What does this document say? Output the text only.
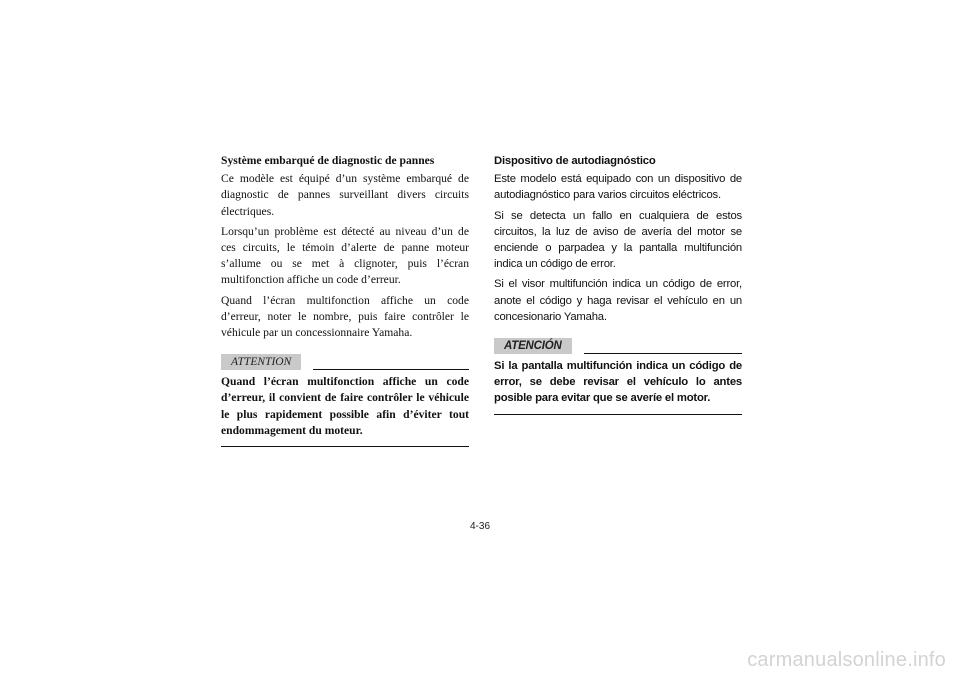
Système embarqué de diagnostic de pannes

Ce modèle est équipé d’un système embarqué de diagnostic de pannes surveillant divers circuits électriques.

Lorsqu’un problème est détecté au niveau d’un de ces circuits, le témoin d’alerte de panne moteur s’allume ou se met à clignoter, puis l’écran multifonction affiche un code d’erreur.

Quand l’écran multifonction affiche un code d’erreur, noter le nombre, puis faire contrôler le véhicule par un concessionnaire Yamaha.

ATTENTION

Quand l’écran multifonction affiche un code d’erreur, il convient de faire contrôler le véhicule le plus rapidement possible afin d’éviter tout endommagement du moteur.

Dispositivo de autodiagnóstico

Este modelo está equipado con un dispositivo de autodiagnóstico para varios circuitos eléctricos.

Si se detecta un fallo en cualquiera de estos circuitos, la luz de aviso de avería del motor se enciende o parpadea y la pantalla multifunción indica un código de error.

Si el visor multifunción indica un código de error, anote el código y haga revisar el vehículo en un concesionario Yamaha.

ATENCIÓN

Si la pantalla multifunción indica un código de error, se debe revisar el vehículo lo antes posible para evitar que se averíe el motor.

4-36
carmanualsonline.info
